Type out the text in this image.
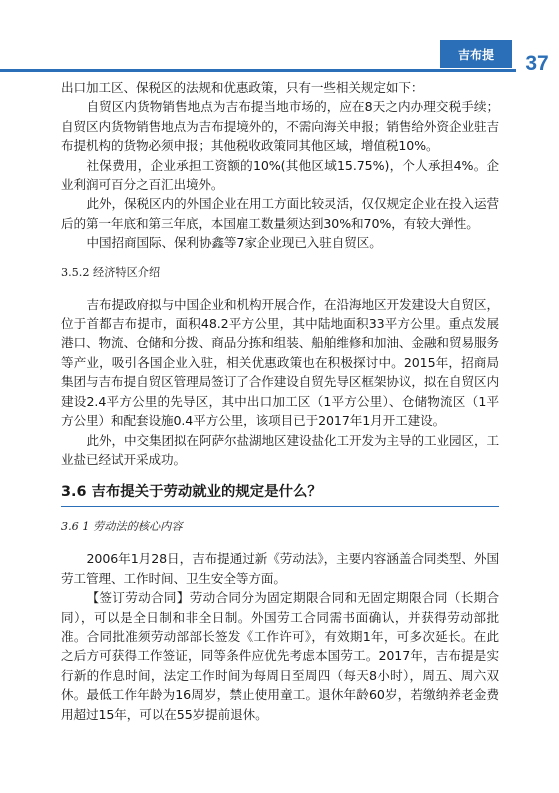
吉布提	37

出口加工区、保税区的法规和优惠政策，只有一些相关规定如下：

自贸区内货物销售地点为吉布提当地市场的，应在8天之内办理交税手续；自贸区内货物销售地点为吉布提境外的，不需向海关申报；销售给外资企业驻吉布提机构的货物必须申报；其他税收政策同其他区域，增值税10%。

社保费用，企业承担工资额的10%(其他区域15.75%)，个人承担4%。企业利润可百分之百汇出境外。

此外，保税区内的外国企业在用工方面比较灵活，仅仅规定企业在投入运营后的第一年底和第三年底，本国雇工数量须达到30%和70%，有较大弹性。

中国招商国际、保利协鑫等7家企业现已入驻自贸区。

3.5.2 经济特区介绍

吉布提政府拟与中国企业和机构开展合作，在沿海地区开发建设大自贸区，位于首都吉布提市，面积48.2平方公里，其中陆地面积33平方公里。重点发展港口、物流、仓储和分拨、商品分拣和组装、船舶维修和加油、金融和贸易服务等产业，吸引各国企业入驻，相关优惠政策也在积极探讨中。2015年，招商局集团与吉布提自贸区管理局签订了合作建设自贸先导区框架协议，拟在自贸区内建设2.4平方公里的先导区，其中出口加工区（1平方公里）、仓储物流区（1平方公里）和配套设施0.4平方公里，该项目已于2017年1月开工建设。

此外，中交集团拟在阿萨尔盐湖地区建设盐化工开发为主导的工业园区，工业盐已经试开采成功。

3.6 吉布提关于劳动就业的规定是什么？

3.6 1 劳动法的核心内容

2006年1月28日，吉布提通过新《劳动法》，主要内容涵盖合同类型、外国劳工管理、工作时间、卫生安全等方面。

【签订劳动合同】劳动合同分为固定期限合同和无固定期限合同（长期合同），可以是全日制和非全日制。外国劳工合同需书面确认，并获得劳动部批准。合同批准须劳动部部长签发《工作许可》，有效期1年，可多次延长。在此之后方可获得工作签证，同等条件应优先考虑本国劳工。2017年，吉布提是实行新的作息时间，法定工作时间为每周日至周四（每天8小时），周五、周六双休。最低工作年龄为16周岁，禁止使用童工。退休年龄60岁，若缴纳养老金费用超过15年，可以在55岁提前退休。
